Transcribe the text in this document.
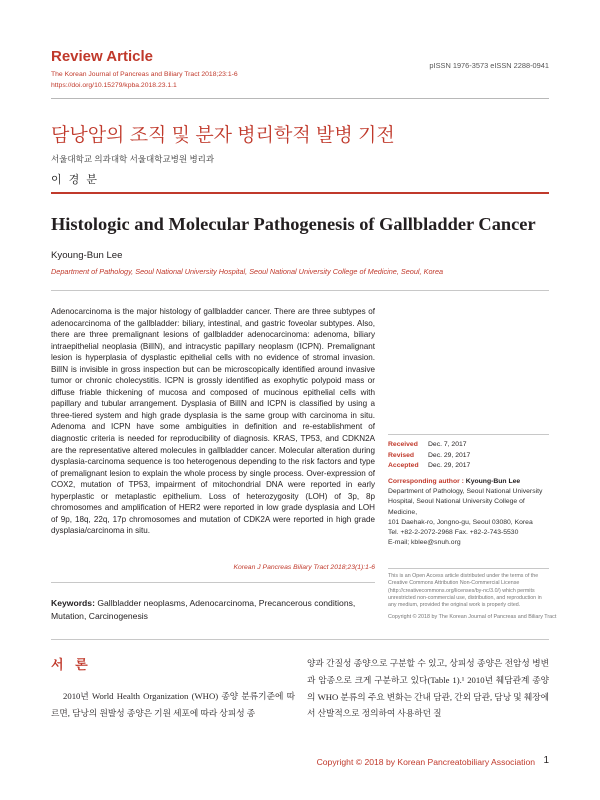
Review Article
The Korean Journal of Pancreas and Biliary Tract 2018;23:1-6
https://doi.org/10.15279/kpba.2018.23.1.1
pISSN 1976-3573 eISSN 2288-0941
담낭암의 조직 및 분자 병리학적 발병 기전
서울대학교 의과대학 서울대학교병원 병리과
이 경 분
Histologic and Molecular Pathogenesis of Gallbladder Cancer
Kyoung-Bun Lee
Department of Pathology, Seoul National University Hospital, Seoul National University College of Medicine, Seoul, Korea
Adenocarcinoma is the major histology of gallbladder cancer. There are three subtypes of adenocarcinoma of the gallbladder: biliary, intestinal, and gastric foveolar subtypes. Also, there are three premalignant lesions of gallbladder adenocarcinoma: adenoma, biliary intraepithelial neoplasia (BilIN), and intracystic papillary neoplasm (ICPN). Premalignant lesion is hyperplasia of dysplastic epithelial cells with no evidence of stromal invasion. BilIN is invisible in gross inspection but can be microscopically identified around invasive tumor or chronic cholecystitis. ICPN is grossly identified as exophytic polypoid mass or diffuse friable thickening of mucosa and composed of mucinous epithelial cells with papillary and tubular arrangement. Dysplasia of BilIN and ICPN is classified by using a three-tiered system and high grade dysplasia is the same group with carcinoma in situ. Adenoma and ICPN have some ambiguities in definition and re-establishment of diagnostic criteria is needed for reproducibility of diagnosis. KRAS, TP53, and CDKN2A are the representative altered molecules in gallbladder cancer. Molecular alteration during dysplasia-carcinoma sequence is too heterogenous depending to the risk factors and type of premalignant lesion to explain the whole process by single process. Over-expression of COX2, mutation of TP53, impairment of mitochondrial DNA were reported in early hyperplastic or metaplastic epithelium. Loss of heterozygosity (LOH) of 3p, 8p chromosomes and amplification of HER2 were reported in low grade dysplasia and LOH of 9p, 18q, 22q, 17p chromosomes and mutation of CDK2A were reported in high grade dysplasia/carcinoma in situ.
Korean J Pancreas Biliary Tract 2018;23(1):1-6
Keywords: Gallbladder neoplasms, Adenocarcinoma, Precancerous conditions, Mutation, Carcinogenesis
Received Dec. 7, 2017
Revised Dec. 29, 2017
Accepted Dec. 29, 2017
Corresponding author : Kyoung-Bun Lee
Department of Pathology, Seoul National University
Hospital, Seoul National University College of Medicine,
101 Daehak-ro, Jongno-gu, Seoul 03080, Korea
Tel. +82-2-2072-2968 Fax. +82-2-743-5530
E-mail; kblee@snuh.org
This is an Open Access article distributed under the terms of the Creative Commons Attribution Non-Commercial License (http://creativecommons.org/licenses/by-nc/3.0/) which permits unrestricted non-commercial use, distribution, and reproduction in any medium, provided the original work is properly cited.
Copyright © 2018 by The Korean Journal of Pancreas and Biliary Tract
서 론
2010년 World Health Organization (WHO) 종양 분류기준에 따르면, 담낭의 원발성 종양은 기원 세포에 따라 상피성 종
양과 간질성 종양으로 구분할 수 있고, 상피성 종양은 전암성 병변과 암종으로 크게 구분하고 있다(Table 1).¹ 2010년 췌담관계 종양의 WHO 분류의 주요 변화는 간내 담관, 간외 담관, 담낭 및 췌장에서 산발적으로 정의하여 사용하던 질
Copyright © 2018 by Korean Pancreatobiliary Association 1
